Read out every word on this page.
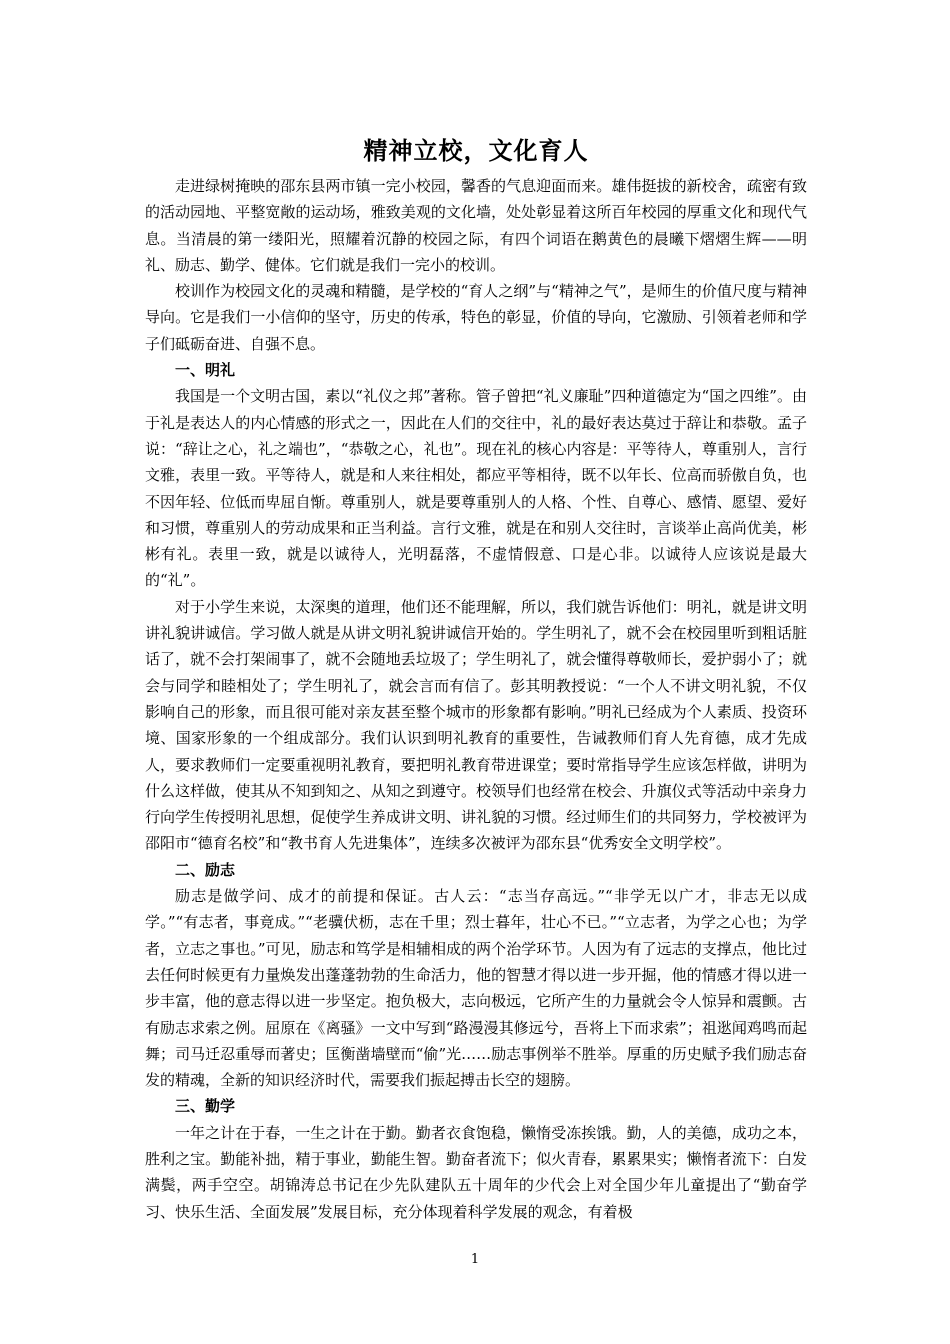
精神立校，文化育人

走进绿树掩映的邵东县两市镇一完小校园，馨香的气息迎面而来。雄伟挺拔的新校舍，疏密有致的活动园地、平整宽敞的运动场，雅致美观的文化墙，处处彰显着这所百年校园的厚重文化和现代气息。当清晨的第一缕阳光，照耀着沉静的校园之际，有四个词语在鹅黄色的晨曦下熠熠生辉——明礼、励志、勤学、健体。它们就是我们一完小的校训。

校训作为校园文化的灵魂和精髓，是学校的“育人之纲”与“精神之气”，是师生的价值尺度与精神导向。它是我们一小信仰的坚守，历史的传承，特色的彰显，价值的导向，它激励、引领着老师和学子们砥砺奋进、自强不息。

一、明礼

我国是一个文明古国，素以“礼仪之邦”著称。管子曾把“礼义廉耻”四种道德定为“国之四维”。由于礼是表达人的内心情感的形式之一，因此在人们的交往中，礼的最好表达莫过于辞让和恭敬。孟子说：“辞让之心，礼之端也”，“恭敬之心，礼也”。现在礼的核心内容是：平等待人，尊重别人，言行文雅，表里一致。平等待人，就是和人来往相处，都应平等相待，既不以年长、位高而骄傲自负，也不因年轻、位低而卑屈自惭。尊重别人，就是要尊重别人的人格、个性、自尊心、感情、愿望、爱好和习惯，尊重别人的劳动成果和正当利益。言行文雅，就是在和别人交往时，言谈举止高尚优美，彬彬有礼。表里一致，就是以诚待人，光明磊落，不虚情假意、口是心非。以诚待人应该说是最大的“礼”。

对于小学生来说，太深奥的道理，他们还不能理解，所以，我们就告诉他们：明礼，就是讲文明讲礼貌讲诚信。学习做人就是从讲文明礼貌讲诚信开始的。学生明礼了，就不会在校园里听到粗话脏话了，就不会打架闹事了，就不会随地丢垃圾了；学生明礼了，就会懂得尊敬师长，爱护弱小了；就会与同学和睦相处了；学生明礼了，就会言而有信了。彭其明教授说：“一个人不讲文明礼貌，不仅影响自己的形象，而且很可能对亲友甚至整个城市的形象都有影响。”明礼已经成为个人素质、投资环境、国家形象的一个组成部分。我们认识到明礼教育的重要性，告诫教师们育人先育德，成才先成人，要求教师们一定要重视明礼教育，要把明礼教育带进课堂；要时常指导学生应该怎样做，讲明为什么这样做，使其从不知到知之、从知之到遵守。校领导们也经常在校会、升旗仪式等活动中亲身力行向学生传授明礼思想，促使学生养成讲文明、讲礼貌的习惯。经过师生们的共同努力，学校被评为邵阳市“德育名校”和“教书育人先进集体”，连续多次被评为邵东县“优秀安全文明学校”。

二、励志

励志是做学问、成才的前提和保证。古人云：“志当存高远。”“非学无以广才，非志无以成学。”“有志者，事竟成。”“老骥伏枥，志在千里；烈士暮年，壮心不已。”“立志者，为学之心也；为学者，立志之事也。”可见，励志和笃学是相辅相成的两个治学环节。人因为有了远志的支撑点，他比过去任何时候更有力量焕发出蓬蓬勃勃的生命活力，他的智慧才得以进一步开掘，他的情感才得以进一步丰富，他的意志得以进一步坚定。抱负极大，志向极远，它所产生的力量就会令人惊异和震颤。古有励志求索之例。屈原在《离骚》一文中写到“路漫漫其修远兮，吾将上下而求索”；祖逖闻鸡鸣而起舞；司马迁忍重辱而著史；匡衡凿墙壁而“偷”光……励志事例举不胜举。厚重的历史赋予我们励志奋发的精魂，全新的知识经济时代，需要我们振起搏击长空的翅膀。

三、勤学

一年之计在于春，一生之计在于勤。勤者衣食饱稳，懒惰受冻挨饿。勤，人的美德，成功之本，胜利之宝。勤能补拙，精于事业，勤能生智。勤奋者流下；似火青春，累累果实；懒惰者流下：白发满鬓，两手空空。胡锦涛总书记在少先队建队五十周年的少代会上对全国少年儿童提出了“勤奋学习、快乐生活、全面发展”发展目标，充分体现着科学发展的观念，有着极

1
